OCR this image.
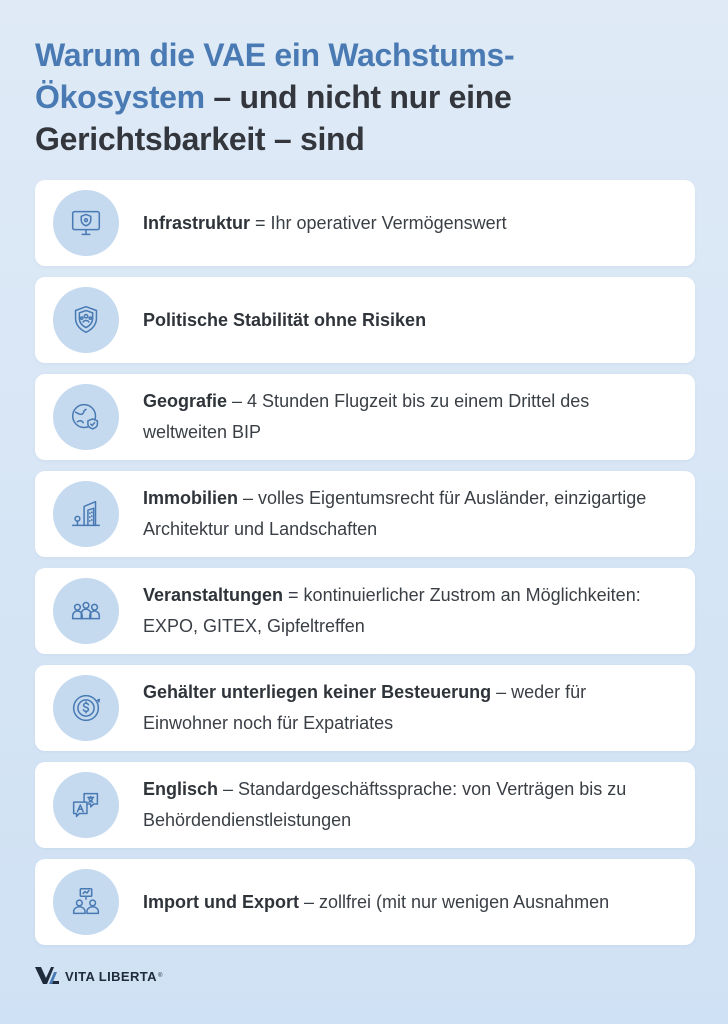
Warum die VAE ein Wachstums-
Ökosystem – und nicht nur eine
Gerichtsbarkeit – sind

Infrastruktur = Ihr operativer Vermögenswert

Politische Stabilität ohne Risiken

Geografie – 4 Stunden Flugzeit bis zu einem Drittel des weltweiten BIP

Immobilien – volles Eigentumsrecht für Ausländer, einzigartige Architektur und Landschaften

Veranstaltungen = kontinuierlicher Zustrom an Möglichkeiten: EXPO, GITEX, Gipfeltreffen

Gehälter unterliegen keiner Besteuerung – weder für Einwohner noch für Expatriates

Englisch – Standardgeschäftssprache: von Verträgen bis zu Behördendienstleistungen

Import und Export – zollfrei (mit nur wenigen Ausnahmen

VITA LIBERTA ®
